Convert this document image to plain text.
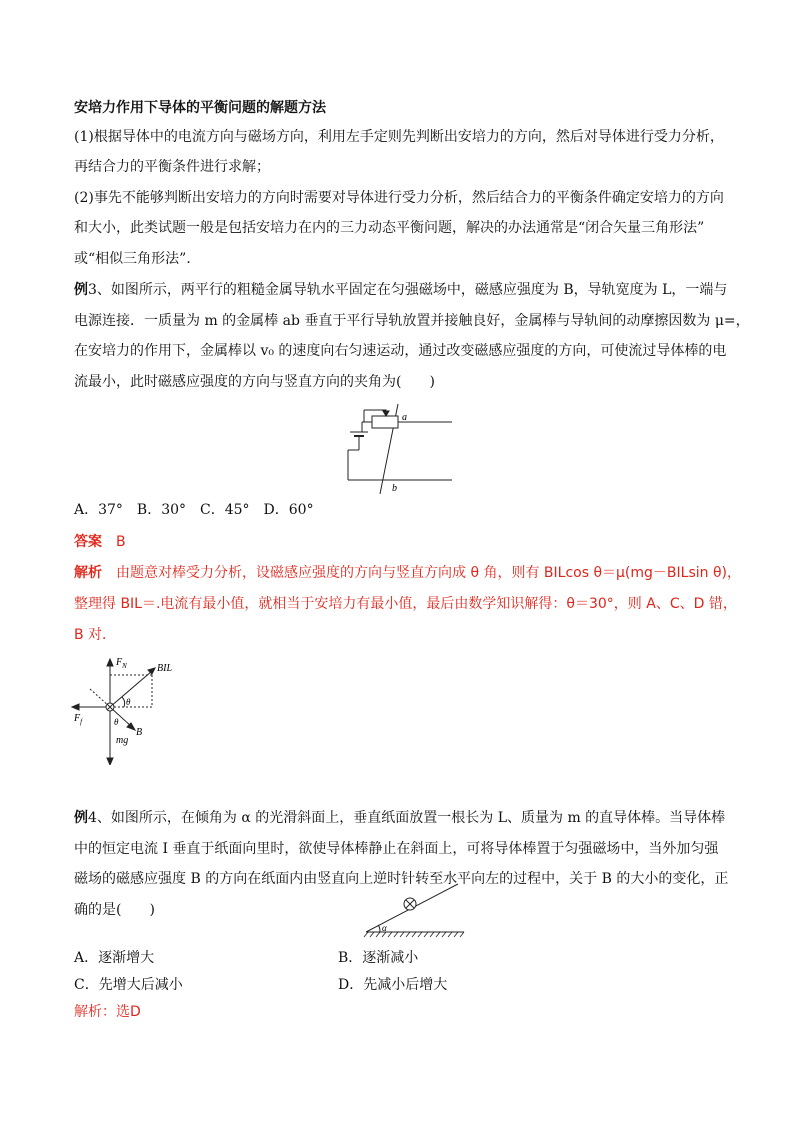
安培力作用下导体的平衡问题的解题方法
(1)根据导体中的电流方向与磁场方向，利用左手定则先判断出安培力的方向，然后对导体进行受力分析，
再结合力的平衡条件进行求解；
(2)事先不能够判断出安培力的方向时需要对导体进行受力分析，然后结合力的平衡条件确定安培力的方向
和大小，此类试题一般是包括安培力在内的三力动态平衡问题，解决的办法通常是“闭合矢量三角形法”
或“相似三角形法”．
例3、如图所示，两平行的粗糙金属导轨水平固定在匀强磁场中，磁感应强度为 B，导轨宽度为 L，一端与
电源连接．一质量为 m 的金属棒 ab 垂直于平行导轨放置并接触良好，金属棒与导轨间的动摩擦因数为 μ=，
在安培力的作用下，金属棒以 v₀ 的速度向右匀速运动，通过改变磁感应强度的方向，可使流过导体棒的电
流最小，此时磁感应强度的方向与竖直方向的夹角为(　　)
a
b
A．37°　B．30°　C．45°　D．60°
答案　 B
解析　 由题意对棒受力分析，设磁感应强度的方向与竖直方向成 θ 角，则有 BILcos θ＝μ(mg－BILsin θ)，
整理得 BIL＝.电流有最小值，就相当于安培力有最小值，最后由数学知识解得：θ＝30°，则 A、C、D 错，
B 对．
$F_N$	BIL
$F_f$
θ
θ
B
mg
例4、如图所示，在倾角为 α 的光滑斜面上，垂直纸面放置一根长为 L、质量为 m 的直导体棒。当导体棒
中的恒定电流 I 垂直于纸面向里时，欲使导体棒静止在斜面上，可将导体棒置于匀强磁场中，当外加匀强
磁场的磁感应强度 B 的方向在纸面内由竖直向上逆时针转至水平向左的过程中，关于 B 的大小的变化，正
确的是(　　)
α
A．逐渐增大	B．逐渐减小
C．先增大后减小	D．先减小后增大
解析：选D
